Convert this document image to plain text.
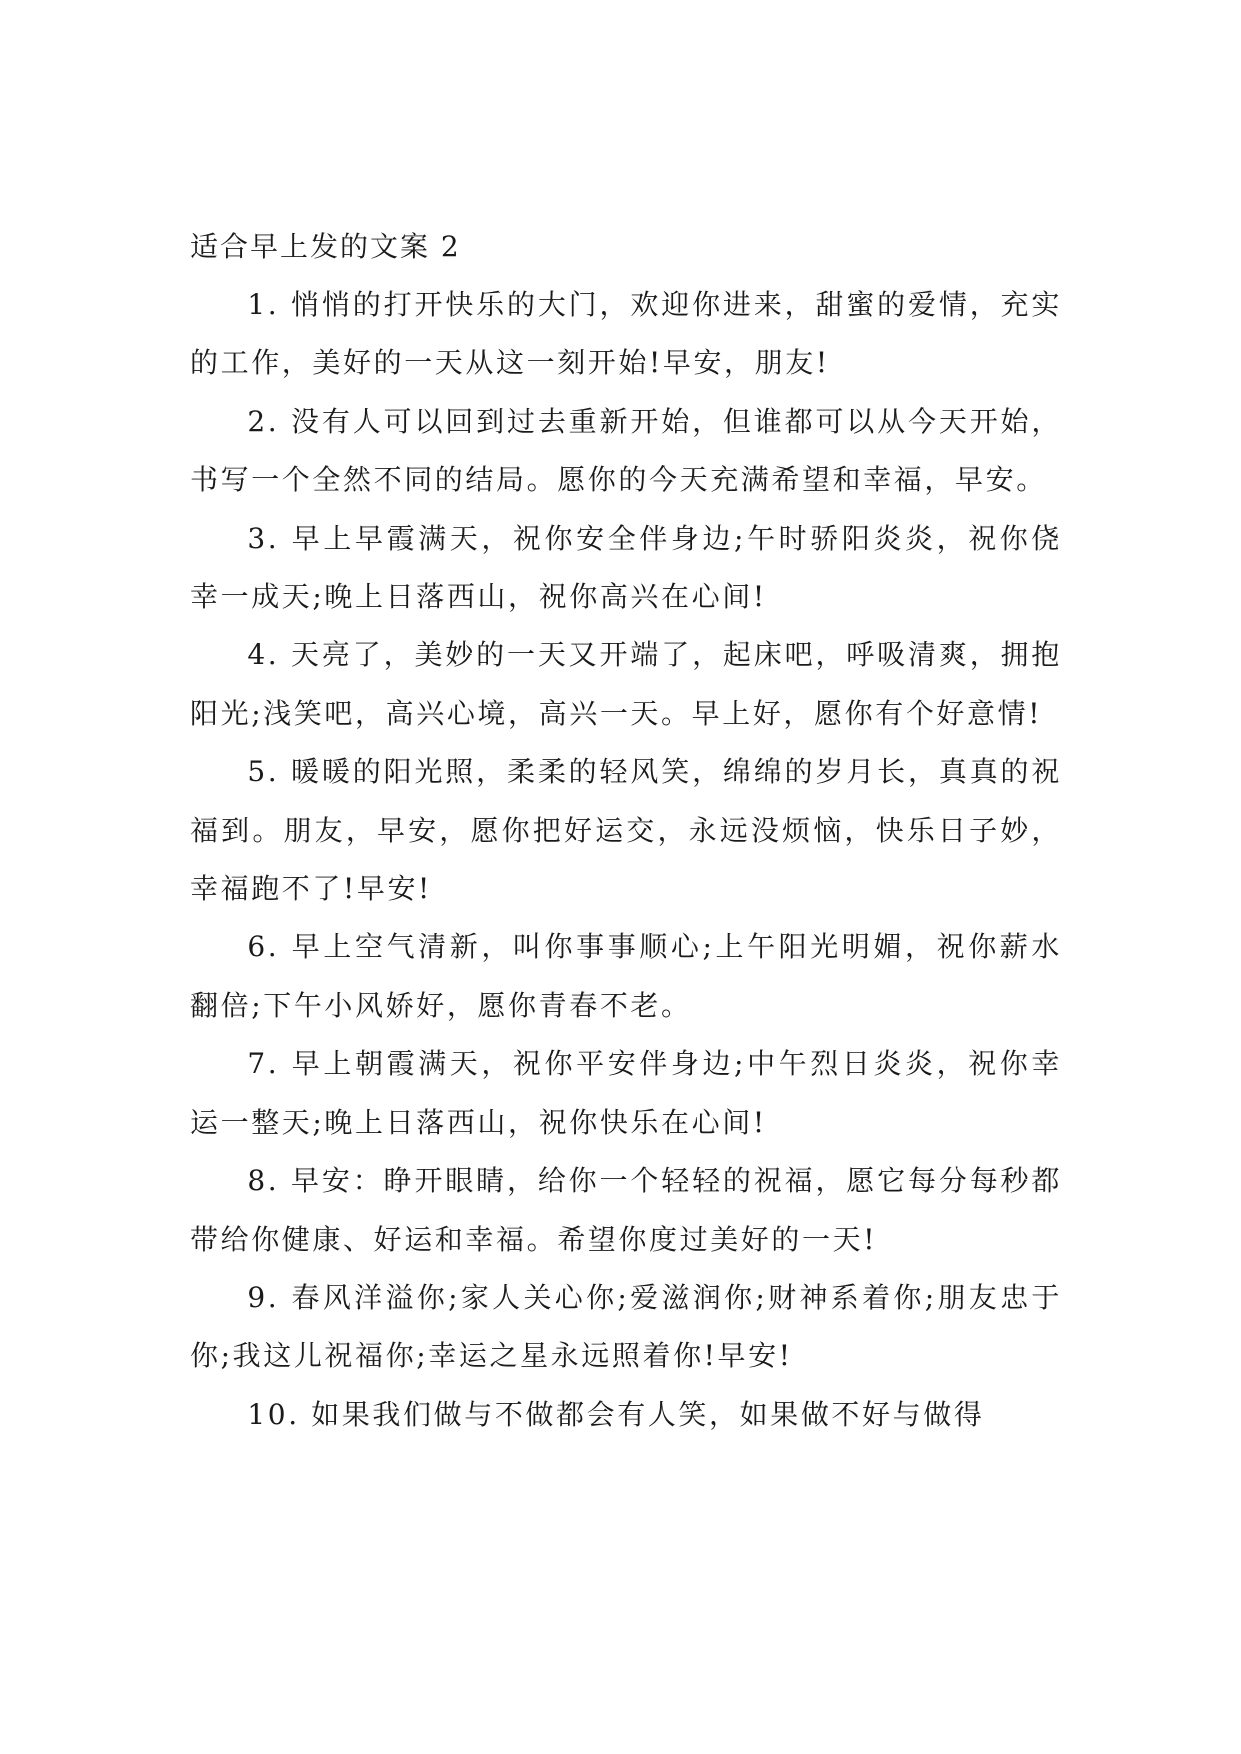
适合早上发的文案 2

1. 悄悄的打开快乐的大门，欢迎你进来，甜蜜的爱情，充实的工作，美好的一天从这一刻开始!早安，朋友!

2. 没有人可以回到过去重新开始，但谁都可以从今天开始，书写一个全然不同的结局。愿你的今天充满希望和幸福，早安。

3. 早上早霞满天，祝你安全伴身边;午时骄阳炎炎，祝你侥幸一成天;晚上日落西山，祝你高兴在心间!

4. 天亮了，美妙的一天又开端了，起床吧，呼吸清爽，拥抱阳光;浅笑吧，高兴心境，高兴一天。早上好，愿你有个好意情!

5. 暖暖的阳光照，柔柔的轻风笑，绵绵的岁月长，真真的祝福到。朋友，早安，愿你把好运交，永远没烦恼，快乐日子妙，幸福跑不了!早安!

6. 早上空气清新，叫你事事顺心;上午阳光明媚，祝你薪水翻倍;下午小风娇好，愿你青春不老。

7. 早上朝霞满天，祝你平安伴身边;中午烈日炎炎，祝你幸运一整天;晚上日落西山，祝你快乐在心间!

8. 早安：睁开眼睛，给你一个轻轻的祝福，愿它每分每秒都带给你健康、好运和幸福。希望你度过美好的一天!

9. 春风洋溢你;家人关心你;爱滋润你;财神系着你;朋友忠于你;我这儿祝福你;幸运之星永远照着你!早安!

10. 如果我们做与不做都会有人笑，如果做不好与做得
